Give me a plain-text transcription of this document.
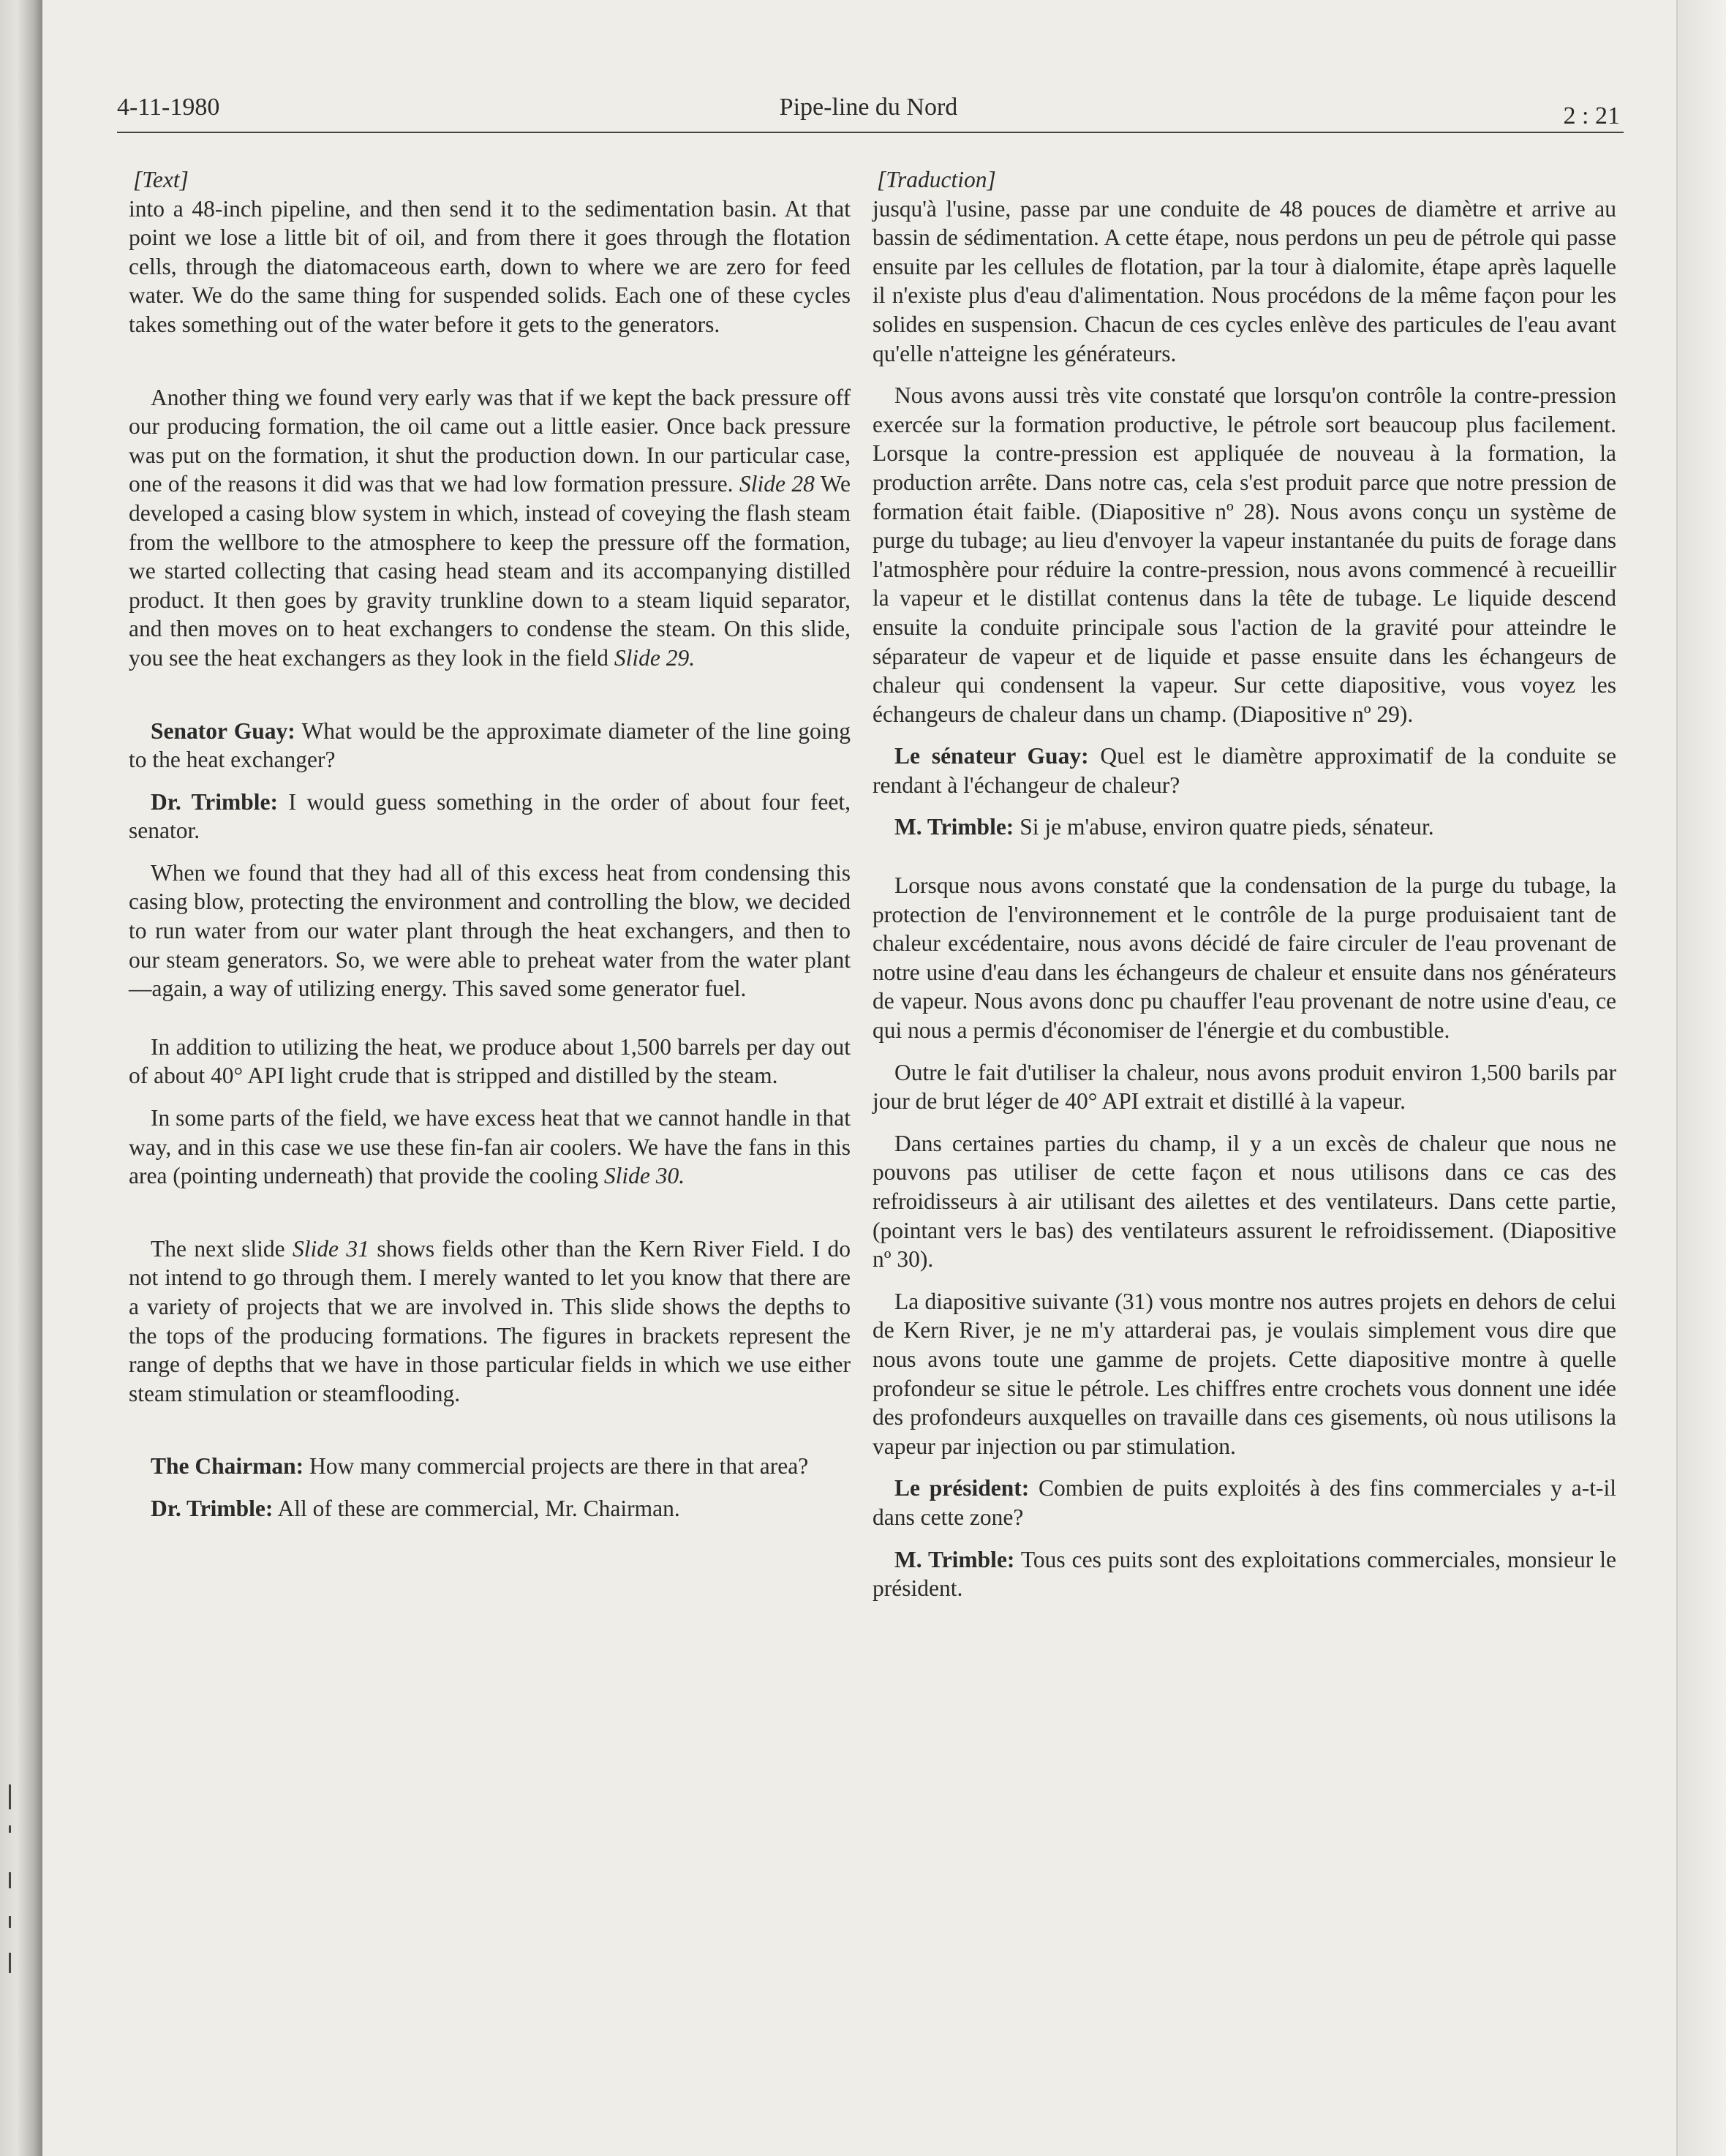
4-11-1980	Pipe-line du Nord	2 : 21
[Text]

into a 48-inch pipeline, and then send it to the sedimentation basin. At that point we lose a little bit of oil, and from there it goes through the flotation cells, through the diatomaceous earth, down to where we are zero for feed water. We do the same thing for suspended solids. Each one of these cycles takes something out of the water before it gets to the generators.

Another thing we found very early was that if we kept the back pressure off our producing formation, the oil came out a little easier. Once back pressure was put on the formation, it shut the production down. In our particular case, one of the reasons it did was that we had low formation pressure. Slide 28 We developed a casing blow system in which, instead of coveying the flash steam from the wellbore to the atmosphere to keep the pressure off the formation, we started collecting that casing head steam and its accompanying distilled product. It then goes by gravity trunkline down to a steam liquid separator, and then moves on to heat exchangers to condense the steam. On this slide, you see the heat exchangers as they look in the field Slide 29.

Senator Guay: What would be the approximate diameter of the line going to the heat exchanger?

Dr. Trimble: I would guess something in the order of about four feet, senator.

When we found that they had all of this excess heat from condensing this casing blow, protecting the environment and controlling the blow, we decided to run water from our water plant through the heat exchangers, and then to our steam generators. So, we were able to preheat water from the water plant—again, a way of utilizing energy. This saved some generator fuel.

In addition to utilizing the heat, we produce about 1,500 barrels per day out of about 40° API light crude that is stripped and distilled by the steam.

In some parts of the field, we have excess heat that we cannot handle in that way, and in this case we use these fin-fan air coolers. We have the fans in this area (pointing underneath) that provide the cooling Slide 30.

The next slide Slide 31 shows fields other than the Kern River Field. I do not intend to go through them. I merely wanted to let you know that there are a variety of projects that we are involved in. This slide shows the depths to the tops of the producing formations. The figures in brackets represent the range of depths that we have in those particular fields in which we use either steam stimulation or steamflooding.

The Chairman: How many commercial projects are there in that area?

Dr. Trimble: All of these are commercial, Mr. Chairman.

[Traduction]

jusqu'à l'usine, passe par une conduite de 48 pouces de diamètre et arrive au bassin de sédimentation. A cette étape, nous perdons un peu de pétrole qui passe ensuite par les cellules de flotation, par la tour à dialomite, étape après laquelle il n'existe plus d'eau d'alimentation. Nous procédons de la même façon pour les solides en suspension. Chacun de ces cycles enlève des particules de l'eau avant qu'elle n'atteigne les générateurs.

Nous avons aussi très vite constaté que lorsqu'on contrôle la contre-pression exercée sur la formation productive, le pétrole sort beaucoup plus facilement. Lorsque la contre-pression est appliquée de nouveau à la formation, la production arrête. Dans notre cas, cela s'est produit parce que notre pression de formation était faible. (Diapositive nº 28). Nous avons conçu un système de purge du tubage; au lieu d'envoyer la vapeur instantanée du puits de forage dans l'atmosphère pour réduire la contre-pression, nous avons commencé à recueillir la vapeur et le distillat contenus dans la tête de tubage. Le liquide descend ensuite la conduite principale sous l'action de la gravité pour atteindre le séparateur de vapeur et de liquide et passe ensuite dans les échangeurs de chaleur qui condensent la vapeur. Sur cette diapositive, vous voyez les échangeurs de chaleur dans un champ. (Diapositive nº 29).

Le sénateur Guay: Quel est le diamètre approximatif de la conduite se rendant à l'échangeur de chaleur?

M. Trimble: Si je m'abuse, environ quatre pieds, sénateur.

Lorsque nous avons constaté que la condensation de la purge du tubage, la protection de l'environnement et le contrôle de la purge produisaient tant de chaleur excédentaire, nous avons décidé de faire circuler de l'eau provenant de notre usine d'eau dans les échangeurs de chaleur et ensuite dans nos générateurs de vapeur. Nous avons donc pu chauffer l'eau provenant de notre usine d'eau, ce qui nous a permis d'économiser de l'énergie et du combustible.

Outre le fait d'utiliser la chaleur, nous avons produit environ 1,500 barils par jour de brut léger de 40° API extrait et distillé à la vapeur.

Dans certaines parties du champ, il y a un excès de chaleur que nous ne pouvons pas utiliser de cette façon et nous utilisons dans ce cas des refroidisseurs à air utilisant des ailettes et des ventilateurs. Dans cette partie, (pointant vers le bas) des ventilateurs assurent le refroidissement. (Diapositive nº 30).

La diapositive suivante (31) vous montre nos autres projets en dehors de celui de Kern River, je ne m'y attarderai pas, je voulais simplement vous dire que nous avons toute une gamme de projets. Cette diapositive montre à quelle profondeur se situe le pétrole. Les chiffres entre crochets vous donnent une idée des profondeurs auxquelles on travaille dans ces gisements, où nous utilisons la vapeur par injection ou par stimulation.

Le président: Combien de puits exploités à des fins commerciales y a-t-il dans cette zone?

M. Trimble: Tous ces puits sont des exploitations commerciales, monsieur le président.
